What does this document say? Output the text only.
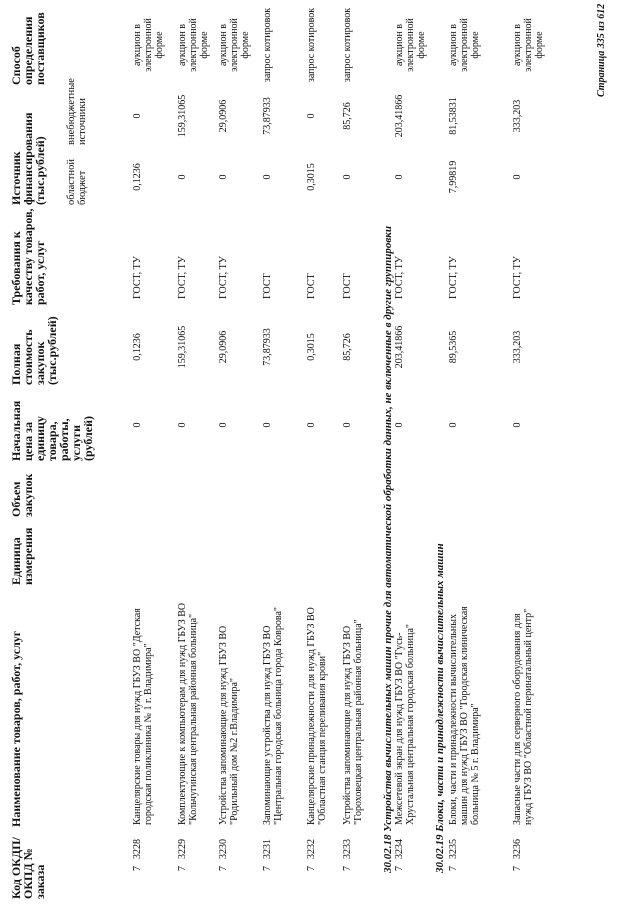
Код ОКДП/ ОКПД № заказа
Наименование товаров, работ, услуг
Единица измерения
Объем закупок
Начальная цена за единицу товара, работы, услуги (рублей)
Полная стоимость закупок (тыс.рублей)
Требования к качеству товаров, работ, услуг
Источник финансирования (тыс.рублей) областной бюджет
внебюджетные источники
Способ определения поставщиков
7
3228
Канцелярские товары для нужд ГБУЗ ВО "Детская городская поликлиника № 1 г. Владимира"
0
0,1236
ГОСТ, ТУ
0,1236
0
аукцион в электронной форме
7
3229
Комплектующие к компьютерам для нужд ГБУЗ ВО "Кольчугинская центральная районная больница"
0
159,31065
ГОСТ, ТУ
0
159,31065
аукцион в электронной форме
7
3230
Устройства запоминающие для нужд ГБУЗ ВО "Родильный дом №2 г.Владимира"
0
29,0906
ГОСТ, ТУ
0
29,0906
аукцион в электронной форме
7
3231
Запоминающие устройства для нужд ГБУЗ ВО "Центральная городская больница города Коврова"
0
73,87933
ГОСТ
0
73,87933
запрос котировок
7
3232
Канцелярские принадлежности для нужд ГБУЗ ВО "Областная станция переливания крови"
0
0,3015
ГОСТ
0,3015
0
запрос котировок
7
3233
Устройства запоминающие для нужд ГБУЗ ВО "Гороховецкая центральная районная больница"
0
85,726
ГОСТ
0
85,726
запрос котировок
30.02.18 Устройства вычислительных машин прочие для автоматической обработки данных, не включенные в другие группировки 7
3234
Межсетевой экран для нужд ГБУЗ ВО "Гусь-Хрустальная центральная городская больница"
0
203,41866
ГОСТ, ТУ
0
203,41866
аукцион в электронной форме
30.02.19 Блоки, части и принадлежности вычислительных машин 7
3235
Блоки, части и принадлежности вычислительных машин для нужд ГБУЗ ВО "Городская клиническая больница № 5 г. Владимира"
0
89,5365
ГОСТ, ТУ
7,99819
81,53831
аукцион в электронной форме
7
3236
Запасные части для серверного оборудования для нужд ГБУЗ ВО "Областной перинатальный центр"
0
333,203
ГОСТ, ТУ
0
333,203
аукцион в электронной форме	Страница 335 из 612
